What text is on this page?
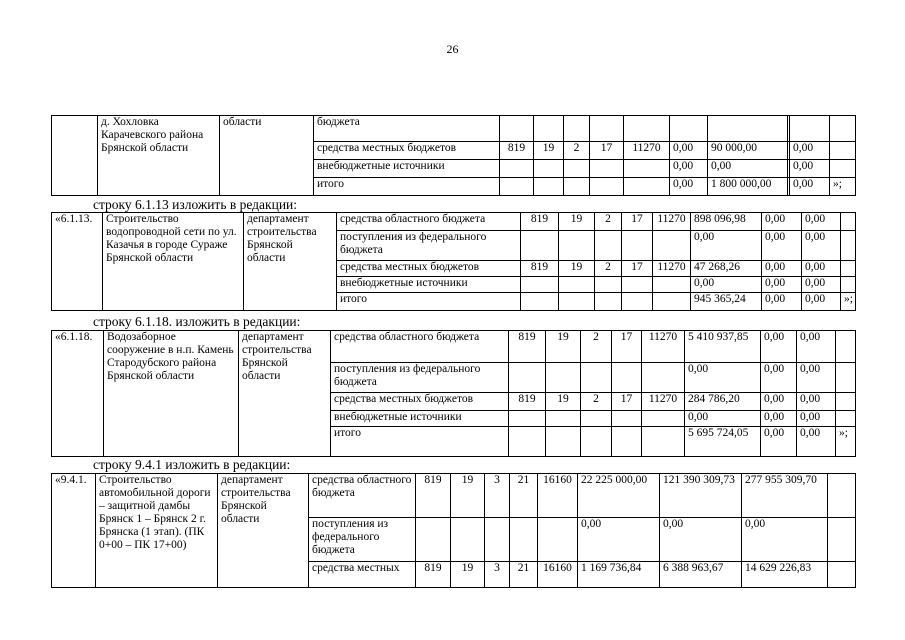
26
	д. Хохловка Карачевского района Брянской области	области	бюджета										
			средства местных бюджетов	819	19	2	17	11270	0,00	90 000,00		0,00	
			внебюджетные источники						0,00	0,00		0,00	
			итого						0,00	1 800 000,00		0,00	»;
строку 6.1.13 изложить в редакции:
«6.1.13.	Строительство водопроводной сети по ул. Казачья в городе Сураже Брянской области	департамент строительства Брянской области	средства областного бюджета	819	19	2	17	11270	898 096,98	0,00	0,00	
			поступления из федерального бюджета						0,00	0,00	0,00	
			средства местных бюджетов	819	19	2	17	11270	47 268,26	0,00	0,00	
			внебюджетные источники						0,00	0,00	0,00	
			итого						945 365,24	0,00	0,00	»;
строку 6.1.18. изложить в редакции:
«6.1.18.	Водозаборное сооружение в н.п. Камень Стародубского района Брянской области	департамент строительства Брянской области	средства областного бюджета	819	19	2	17	11270	5 410 937,85	0,00	0,00	
			поступления из федерального бюджета						0,00	0,00	0,00	
			средства местных бюджетов	819	19	2	17	11270	284 786,20	0,00	0,00	
			внебюджетные источники						0,00	0,00	0,00	
			итого						5 695 724,05	0,00	0,00	»;
строку 9.4.1 изложить в редакции:
«9.4.1.	Строительство автомобильной дороги – защитной дамбы Брянск 1 – Брянск 2 г. Брянска (1 этап). (ПК 0+00 – ПК 17+00)	департамент строительства Брянской области	средства областного бюджета	819	19	3	21	16160	22 225 000,00	121 390 309,73	277 955 309,70	
			поступления из федерального бюджета						0,00	0,00	0,00	
			средства местных	819	19	3	21	16160	1 169 736,84	6 388 963,67	14 629 226,83	
